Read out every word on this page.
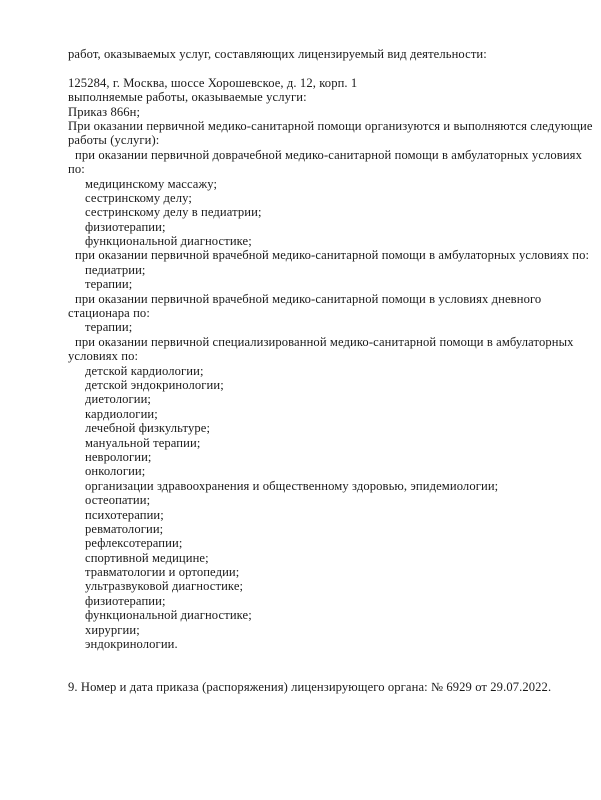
работ, оказываемых услуг, составляющих лицензируемый вид деятельности:

125284, г. Москва, шоссе Хорошевское, д. 12, корп. 1
выполняемые работы, оказываемые услуги:
Приказ 866н;
При оказании первичной медико-санитарной помощи организуются и выполняются следующие
работы (услуги):
при оказании первичной доврачебной медико-санитарной помощи в амбулаторных условиях
по:
медицинскому массажу;
сестринскому делу;
сестринскому делу в педиатрии;
физиотерапии;
функциональной диагностике;
при оказании первичной врачебной медико-санитарной помощи в амбулаторных условиях по:
педиатрии;
терапии;
при оказании первичной врачебной медико-санитарной помощи в условиях дневного
стационара по:
терапии;
при оказании первичной специализированной медико-санитарной помощи в амбулаторных
условиях по:
детской кардиологии;
детской эндокринологии;
диетологии;
кардиологии;
лечебной физкультуре;
мануальной терапии;
неврологии;
онкологии;
организации здравоохранения и общественному здоровью, эпидемиологии;
остеопатии;
психотерапии;
ревматологии;
рефлексотерапии;
спортивной медицине;
травматологии и ортопедии;
ультразвуковой диагностике;
физиотерапии;
функциональной диагностике;
хирургии;
эндокринологии.

9. Номер и дата приказа (распоряжения) лицензирующего органа: № 6929 от 29.07.2022.
